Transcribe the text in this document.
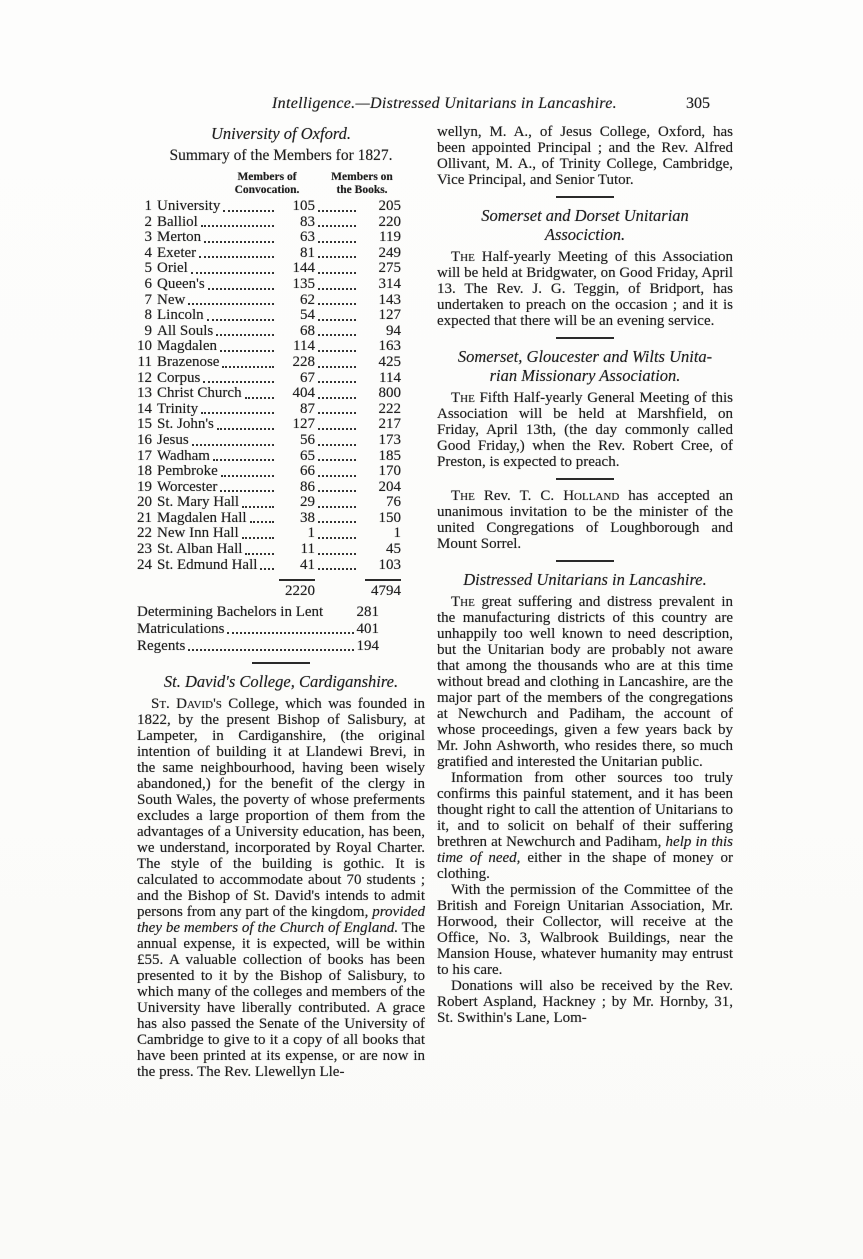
Intelligence.—Distressed Unitarians in Lancashire.	305
University of Oxford.
Summary of the Members for 1827.
Members of
Convocation.
Members on
the Books.
1 University	105	205
2 Balliol	83	220
3 Merton	63	119
4 Exeter	81	249
5 Oriel	144	275
6 Queen's	135	314
7 New	62	143
8 Lincoln	54	127
9 All Souls	68	94
10 Magdalen	114	163
11 Brazenose	228	425
12 Corpus	67	114
13 Christ Church	404	800
14 Trinity	87	222
15 St. John's	127	217
16 Jesus	56	173
17 Wadham	65	185
18 Pembroke	66	170
19 Worcester	86	204
20 St. Mary Hall	29	76
21 Magdalen Hall	38	150
22 New Inn Hall	1	1
23 St. Alban Hall	11	45
24 St. Edmund Hall	41	103
2220	4794
Determining Bachelors in Lent 281
Matriculations	401
Regents	194
St. David's College, Cardiganshire.

St. David's College, which was founded in 1822, by the present Bishop of Salisbury, at Lampeter, in Cardiganshire, (the original intention of building it at Llandewi Brevi, in the same neighbourhood, having been wisely abandoned,) for the benefit of the clergy in South Wales, the poverty of whose preferments excludes a large proportion of them from the advantages of a University education, has been, we understand, incorporated by Royal Charter. The style of the building is gothic. It is calculated to accommodate about 70 students ; and the Bishop of St. David's intends to admit persons from any part of the kingdom, provided they be members of the Church of England. The annual expense, it is expected, will be within £55. A valuable collection of books has been presented to it by the Bishop of Salisbury, to which many of the colleges and members of the University have liberally contributed. A grace has also passed the Senate of the University of Cambridge to give to it a copy of all books that have been printed at its expense, or are now in the press. The Rev. Llewellyn Lle-

wellyn, M. A., of Jesus College, Oxford, has been appointed Principal ; and the Rev. Alfred Ollivant, M. A., of Trinity College, Cambridge, Vice Principal, and Senior Tutor.

Somerset and Dorset Unitarian
Associction.

The Half-yearly Meeting of this Association will be held at Bridgwater, on Good Friday, April 13. The Rev. J. G. Teggin, of Bridport, has undertaken to preach on the occasion ; and it is expected that there will be an evening service.

Somerset, Gloucester and Wilts Unita-
rian Missionary Association.

The Fifth Half-yearly General Meeting of this Association will be held at Marshfield, on Friday, April 13th, (the day commonly called Good Friday,) when the Rev. Robert Cree, of Preston, is expected to preach.

The Rev. T. C. Holland has accepted an unanimous invitation to be the minister of the united Congregations of Loughborough and Mount Sorrel.

Distressed Unitarians in Lancashire.

The great suffering and distress prevalent in the manufacturing districts of this country are unhappily too well known to need description, but the Unitarian body are probably not aware that among the thousands who are at this time without bread and clothing in Lancashire, are the major part of the members of the congregations at Newchurch and Padiham, the account of whose proceedings, given a few years back by Mr. John Ashworth, who resides there, so much gratified and interested the Unitarian public.

Information from other sources too truly confirms this painful statement, and it has been thought right to call the attention of Unitarians to it, and to solicit on behalf of their suffering brethren at Newchurch and Padiham, help in this time of need, either in the shape of money or clothing.

With the permission of the Committee of the British and Foreign Unitarian Association, Mr. Horwood, their Collector, will receive at the Office, No. 3, Walbrook Buildings, near the Mansion House, whatever humanity may entrust to his care.

Donations will also be received by the Rev. Robert Aspland, Hackney ; by Mr. Hornby, 31, St. Swithin's Lane, Lom-
